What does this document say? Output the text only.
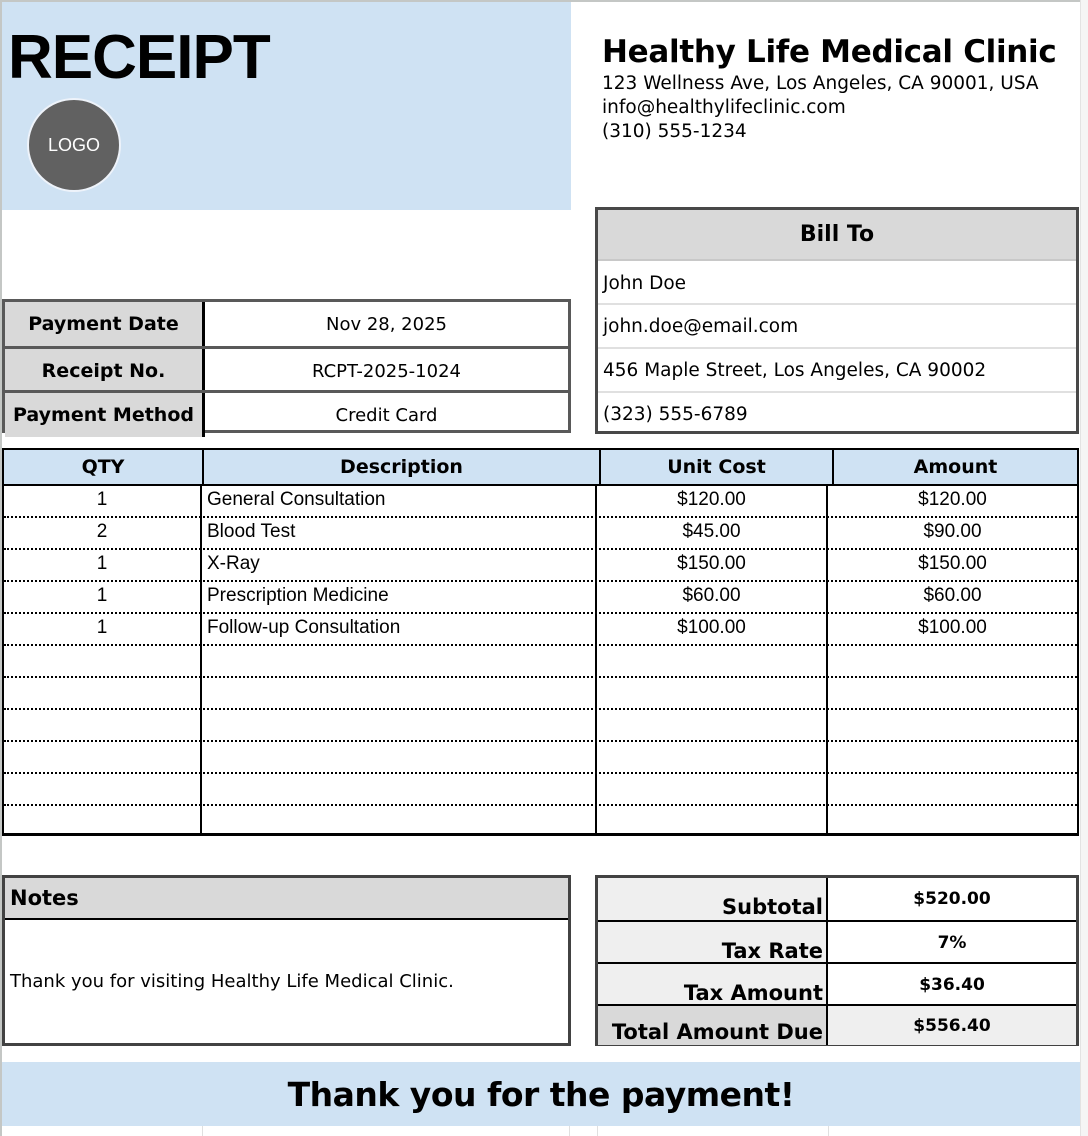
RECEIPT
LOGO
Healthy Life Medical Clinic
123 Wellness Ave, Los Angeles, CA 90001, USA
info@healthylifeclinic.com
(310) 555-1234
Payment Date	Nov 28, 2025
Receipt No.	RCPT-2025-1024
Payment Method	Credit Card
Bill To
John Doe
john.doe@email.com
456 Maple Street, Los Angeles, CA 90002
(323) 555-6789
QTY	Description	Unit Cost	Amount
1	General Consultation	$120.00	$120.00
2	Blood Test	$45.00	$90.00
1	X-Ray	$150.00	$150.00
1	Prescription Medicine	$60.00	$60.00
1	Follow-up Consultation	$100.00	$100.00
Notes
Thank you for visiting Healthy Life Medical Clinic.
Subtotal	$520.00
Tax Rate	7%
Tax Amount	$36.40
Total Amount Due	$556.40
Thank you for the payment!
